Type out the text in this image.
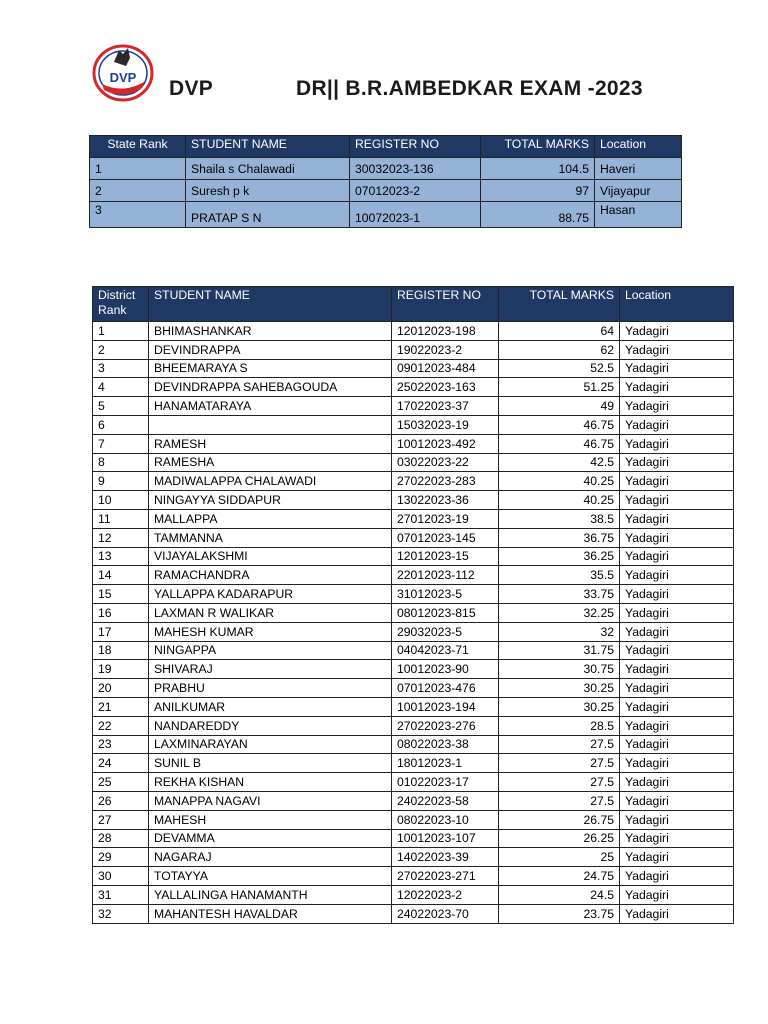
DVP DVP	DR|| B.R.AMBEDKAR EXAM -2023
State Rank	STUDENT NAME	REGISTER NO	TOTAL MARKS	Location
1	Shaila s Chalawadi	30032023-136	104.5	Haveri
2	Suresh p k	07012023-2	97	Vijayapur
3	PRATAP S N	10072023-1	88.75	Hasan
District Rank	STUDENT NAME	REGISTER NO	TOTAL MARKS	Location
1	BHIMASHANKAR	12012023-198	64	Yadagiri
2	DEVINDRAPPA	19022023-2	62	Yadagiri
3	BHEEMARAYA S	09012023-484	52.5	Yadagiri
4	DEVINDRAPPA SAHEBAGOUDA	25022023-163	51.25	Yadagiri
5	HANAMATARAYA	17022023-37	49	Yadagiri
6		15032023-19	46.75	Yadagiri
7	RAMESH	10012023-492	46.75	Yadagiri
8	RAMESHA	03022023-22	42.5	Yadagiri
9	MADIWALAPPA CHALAWADI	27022023-283	40.25	Yadagiri
10	NINGAYYA SIDDAPUR	13022023-36	40.25	Yadagiri
11	MALLAPPA	27012023-19	38.5	Yadagiri
12	TAMMANNA	07012023-145	36.75	Yadagiri
13	VIJAYALAKSHMI	12012023-15	36.25	Yadagiri
14	RAMACHANDRA	22012023-112	35.5	Yadagiri
15	YALLAPPA KADARAPUR	31012023-5	33.75	Yadagiri
16	LAXMAN R WALIKAR	08012023-815	32.25	Yadagiri
17	MAHESH KUMAR	29032023-5	32	Yadagiri
18	NINGAPPA	04042023-71	31.75	Yadagiri
19	SHIVARAJ	10012023-90	30.75	Yadagiri
20	PRABHU	07012023-476	30.25	Yadagiri
21	ANILKUMAR	10012023-194	30.25	Yadagiri
22	NANDAREDDY	27022023-276	28.5	Yadagiri
23	LAXMINARAYAN	08022023-38	27.5	Yadagiri
24	SUNIL B	18012023-1	27.5	Yadagiri
25	REKHA KISHAN	01022023-17	27.5	Yadagiri
26	MANAPPA NAGAVI	24022023-58	27.5	Yadagiri
27	MAHESH	08022023-10	26.75	Yadagiri
28	DEVAMMA	10012023-107	26.25	Yadagiri
29	NAGARAJ	14022023-39	25	Yadagiri
30	TOTAYYA	27022023-271	24.75	Yadagiri
31	YALLALINGA HANAMANTH	12022023-2	24.5	Yadagiri
32	MAHANTESH HAVALDAR	24022023-70	23.75	Yadagiri
